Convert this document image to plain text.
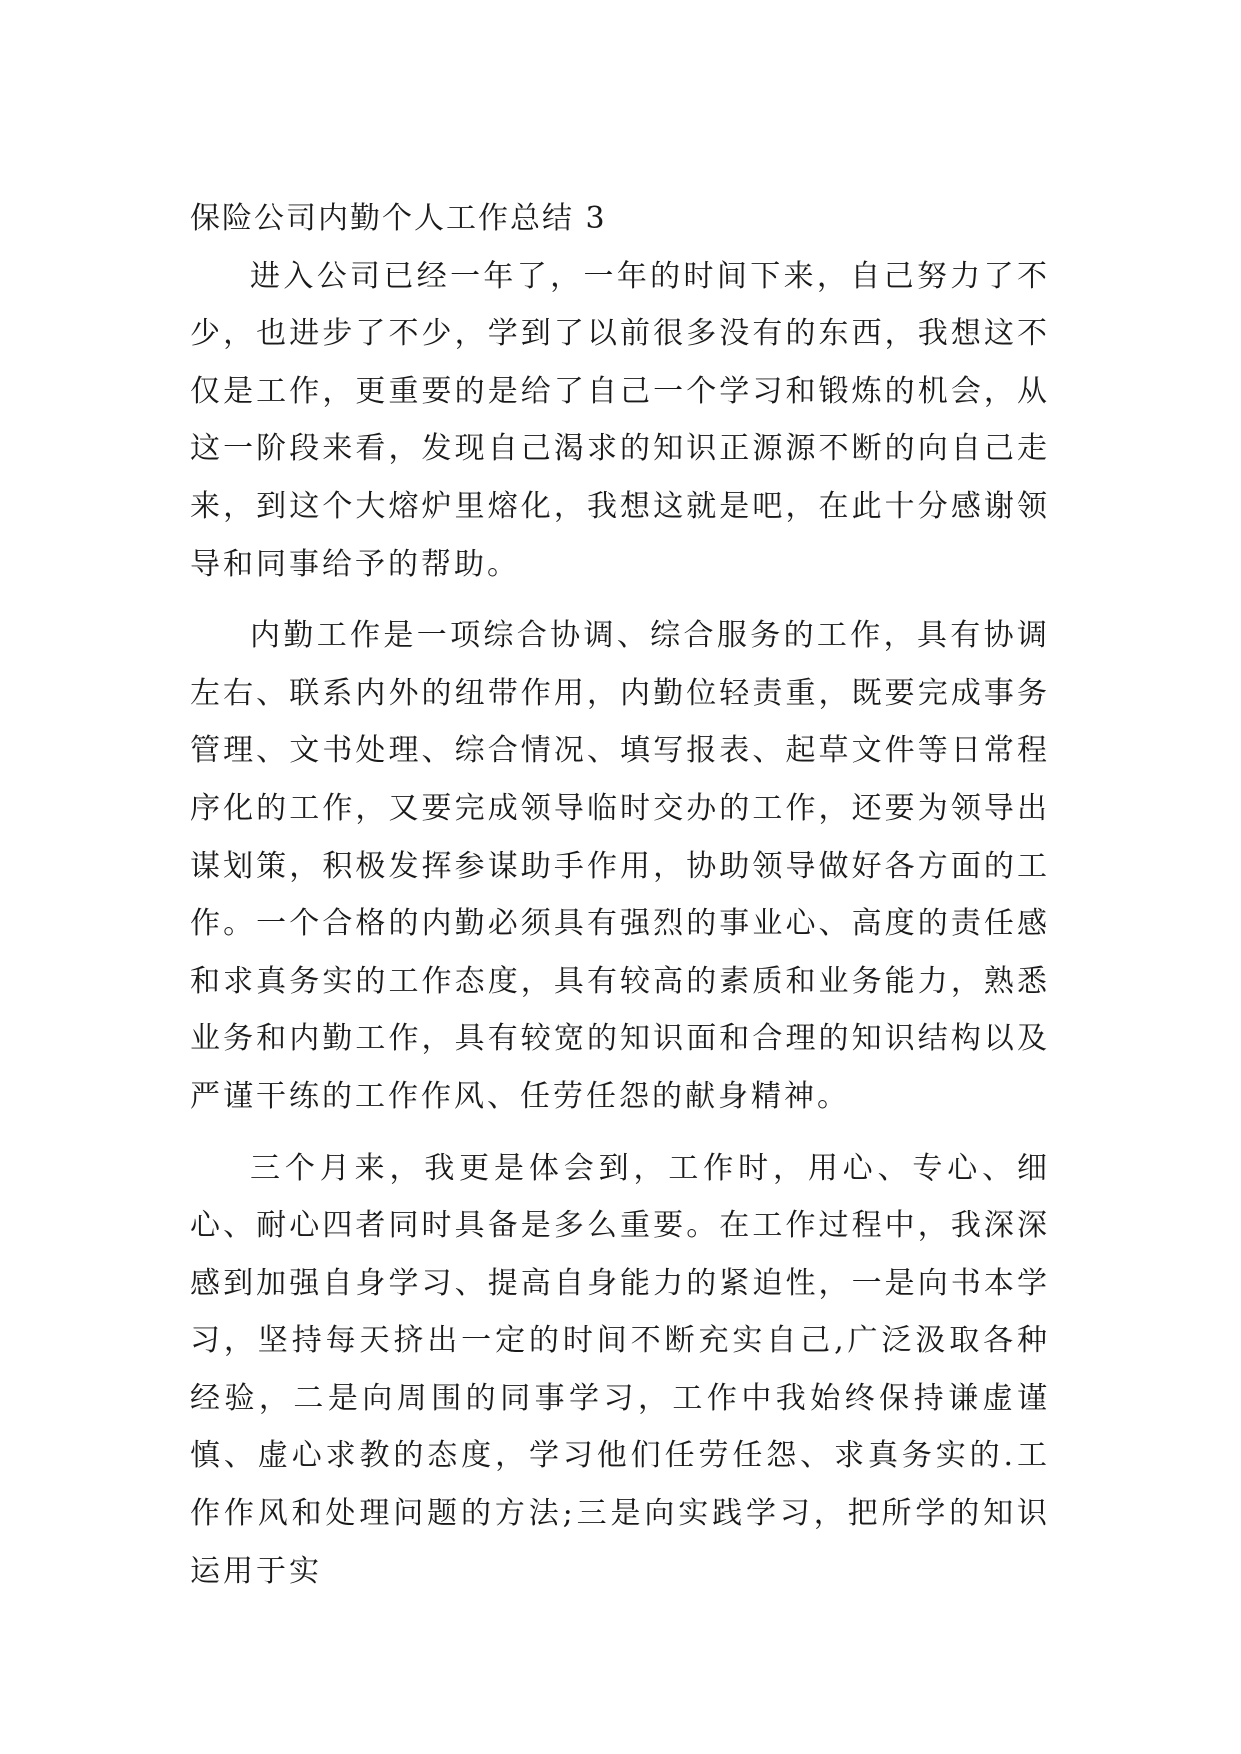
保险公司内勤个人工作总结 3

进入公司已经一年了，一年的时间下来，自己努力了不少，也进步了不少，学到了以前很多没有的东西，我想这不仅是工作，更重要的是给了自己一个学习和锻炼的机会，从这一阶段来看，发现自己渴求的知识正源源不断的向自己走来，到这个大熔炉里熔化，我想这就是吧，在此十分感谢领导和同事给予的帮助。

内勤工作是一项综合协调、综合服务的工作，具有协调左右、联系内外的纽带作用，内勤位轻责重，既要完成事务管理、文书处理、综合情况、填写报表、起草文件等日常程序化的工作，又要完成领导临时交办的工作，还要为领导出谋划策，积极发挥参谋助手作用，协助领导做好各方面的工作。一个合格的内勤必须具有强烈的事业心、高度的责任感和求真务实的工作态度，具有较高的素质和业务能力，熟悉业务和内勤工作，具有较宽的知识面和合理的知识结构以及严谨干练的工作作风、任劳任怨的献身精神。

三个月来，我更是体会到，工作时，用心、专心、细心、耐心四者同时具备是多么重要。在工作过程中，我深深感到加强自身学习、提高自身能力的紧迫性，一是向书本学习，坚持每天挤出一定的时间不断充实自己,广泛汲取各种经验，二是向周围的同事学习，工作中我始终保持谦虚谨慎、虚心求教的态度，学习他们任劳任怨、求真务实的.工作作风和处理问题的方法;三是向实践学习，把所学的知识运用于实
